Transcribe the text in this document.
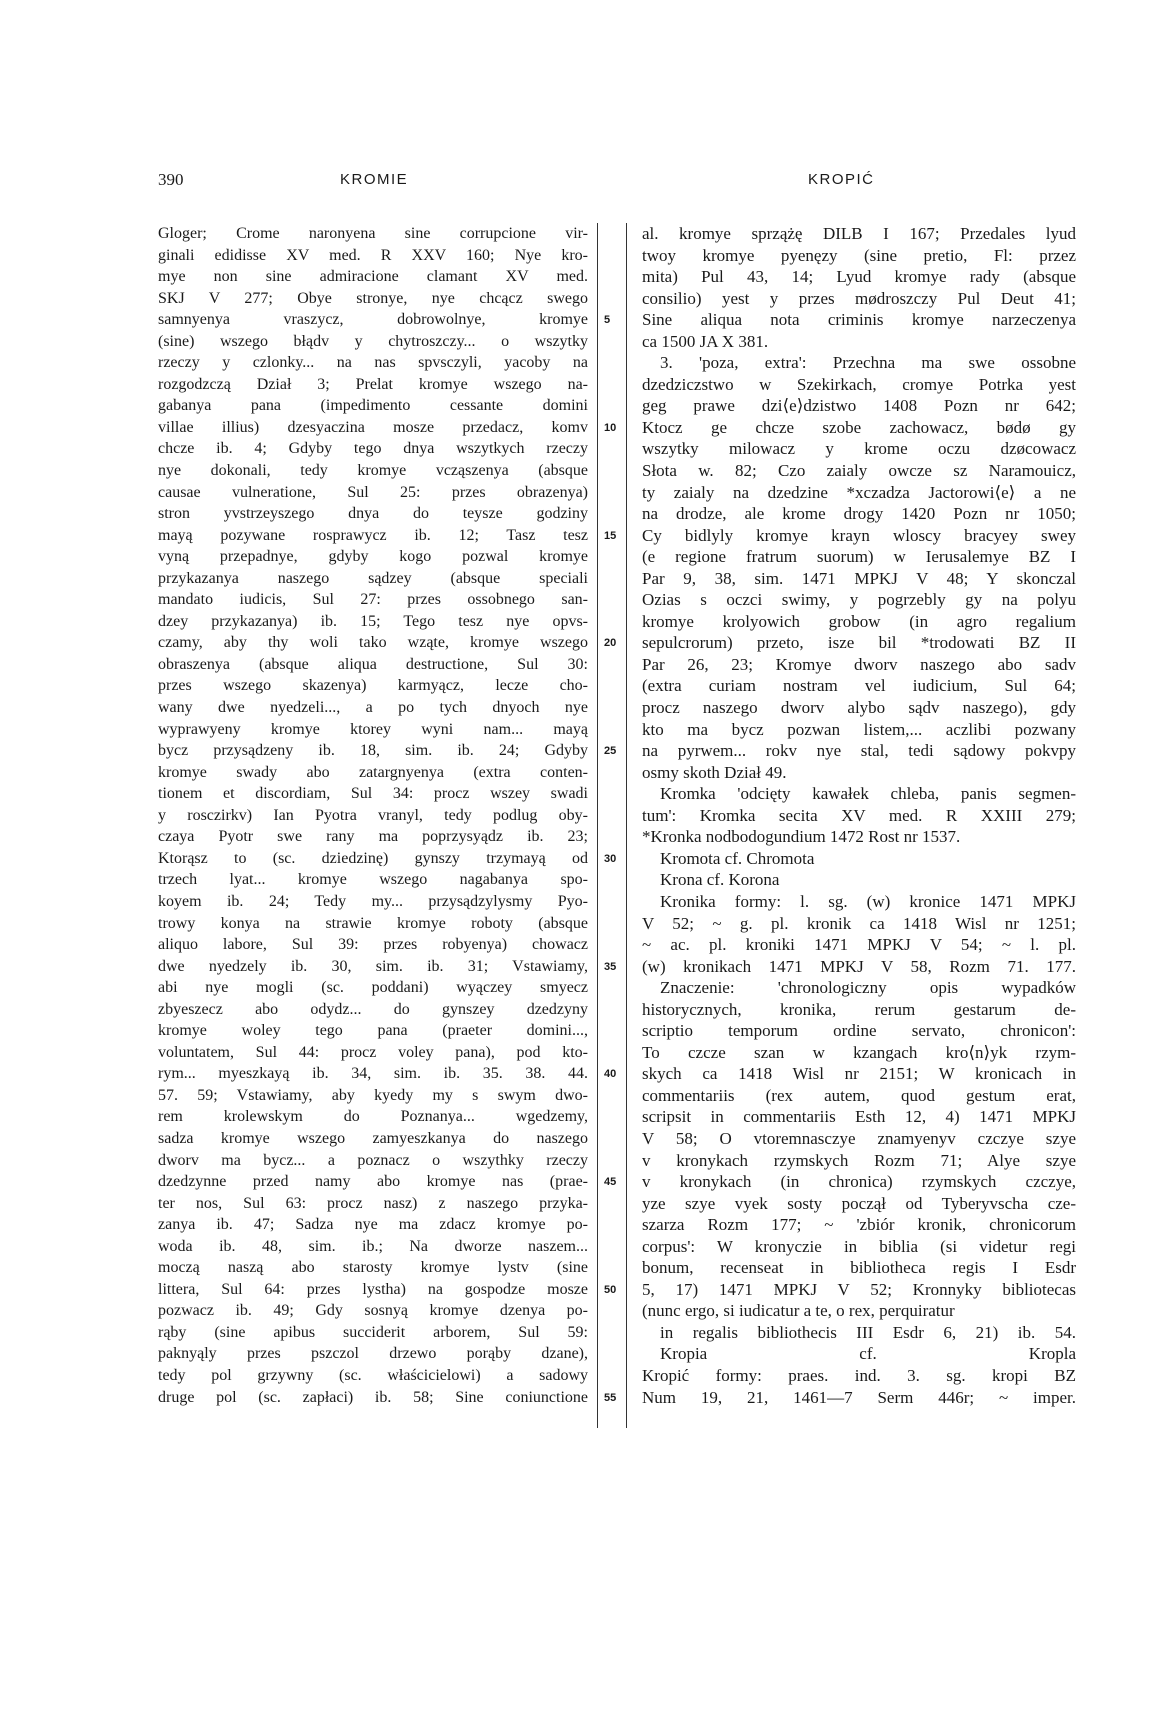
390	KROMIE	KROPIĆ
Gloger; Crome naronyena sine corrupcione vir-
ginali edidisse XV med. R XXV 160; Nye kro-
mye non sine admiracione clamant XV med.
SKJ V 277; Obye stronye, nye chcącz swego
samnyenya vraszycz, dobrowolnye, kromye
(sine) wszego błądv y chytroszczy... o wszytky
rzeczy y czlonky... na nas spvsczyli, yacoby na
rozgodzczą Dział 3; Prelat kromye wszego na-
gabanya pana (impedimento cessante domini
villae illius) dzesyaczina mosze przedacz, komv
chcze ib. 4; Gdyby tego dnya wszytkych rzeczy
nye dokonali, tedy kromye vcząszenya (absque
causae vulneratione, Sul 25: przes obrazenya)
stron yvstrzeyszego dnya do teysze godziny
mayą pozywane rosprawycz ib. 12; Tasz tesz
vyną przepadnye, gdyby kogo pozwal kromye
przykazanya naszego sądzey (absque speciali
mandato iudicis, Sul 27: przes ossobnego san-
dzey przykazanya) ib. 15; Tego tesz nye opvs-
czamy, aby thy woli tako wząte, kromye wszego
obraszenya (absque aliqua destructione, Sul 30:
przes wszego skazenya) karmyącz, lecze cho-
wany dwe nyedzeli..., a po tych dnyoch nye
wyprawyeny kromye ktorey wyni nam... mayą
bycz przysądzeny ib. 18, sim. ib. 24; Gdyby
kromye swady abo zatargnyenya (extra conten-
tionem et discordiam, Sul 34: procz wszey swadi
y rosczirkv) Ian Pyotra vranyl, tedy podlug oby-
czaya Pyotr swe rany ma poprzysyądz ib. 23;
Ktorąsz to (sc. dziedzinę) gynszy trzymayą od
trzech lyat... kromye wszego nagabanya spo-
koyem ib. 24; Tedy my... przysądzylysmy Pyo-
trowy konya na strawie kromye roboty (absque
aliquo labore, Sul 39: przes robyenya) chowacz
dwe nyedzely ib. 30, sim. ib. 31; Vstawiamy,
abi nye mogli (sc. poddani) wyączey smyecz
zbyeszecz abo odydz... do gynszey dzedzyny
kromye woley tego pana (praeter domini...,
voluntatem, Sul 44: procz voley pana), pod kto-
rym... myeszkayą ib. 34, sim. ib. 35. 38. 44.
57. 59; Vstawiamy, aby kyedy my s swym dwo-
rem krolewskym do Poznanya... wgedzemy,
sadza kromye wszego zamyeszkanya do naszego
dworv ma bycz... a poznacz o wszythky rzeczy
dzedzynne przed namy abo kromye nas (prae-
ter nos, Sul 63: procz nasz) z naszego przyka-
zanya ib. 47; Sadza nye ma zdacz kromye po-
woda ib. 48, sim. ib.; Na dworze naszem...
moczą naszą abo starosty kromye lystv (sine
littera, Sul 64: przes lystha) na gospodze mosze
pozwacz ib. 49; Gdy sosnyą kromye dzenya po-
rąby (sine apibus succiderit arborem, Sul 59:
paknyąly przes pszczol drzewo porąby dzane),
tedy pol grzywny (sc. właścicielowi) a sadowy
druge pol (sc. zapłaci) ib. 58; Sine coniunctione
5
10
15
20
25
30
35
40
45
50
55
al. kromye sprzążę DILB I 167; Przedales lyud
twoy kromye pyenęzy (sine pretio, Fl: przez
mita) Pul 43, 14; Lyud kromye rady (absque
consilio) yest y przes mødroszczy Pul Deut 41;
Sine aliqua nota criminis kromye narzeczenya
ca 1500 JA X 381.
3. 'poza, extra': Przechna ma swe ossobne
dzedziczstwo w Szekirkach, cromye Potrka yest
geg prawe dzi⟨e⟩dzistwo 1408 Pozn nr 642;
Ktocz ge chcze szobe zachowacz, bødø gy
wszytky milowacz y krome oczu dzøcowacz
Słota w. 82; Czo zaialy owcze sz Naramouicz,
ty zaialy na dzedzine *xczadza Jactorowi⟨e⟩ a ne
na drodze, ale krome drogy 1420 Pozn nr 1050;
Cy bidlyly kromye krayn wloscy bracyey swey
(e regione fratrum suorum) w Ierusalemye BZ I
Par 9, 38, sim. 1471 MPKJ V 48; Y skonczal
Ozias s oczci swimy, y pogrzebly gy na polyu
kromye krolyowich grobow (in agro regalium
sepulcrorum) przeto, isze bil *trodowati BZ II
Par 26, 23; Kromye dworv naszego abo sadv
(extra curiam nostram vel iudicium, Sul 64;
procz naszego dworv alybo sądv naszego), gdy
kto ma bycz pozwan listem,... aczlibi pozwany
na pyrwem... rokv nye stal, tedi sądowy pokvpy
osmy skoth Dział 49.
Kromka 'odcięty kawałek chleba, panis segmen-
tum': Kromka secita XV med. R XXIII 279;
*Kronka nodbodogundium 1472 Rost nr 1537.
Kromota cf. Chromota
Krona cf. Korona
Kronika formy: l. sg. (w) kronice 1471 MPKJ
V 52; ~ g. pl. kronik ca 1418 Wisl nr 1251;
~ ac. pl. kroniki 1471 MPKJ V 54; ~ l. pl.
(w) kronikach 1471 MPKJ V 58, Rozm 71. 177.
Znaczenie: 'chronologiczny opis wypadków
historycznych, kronika, rerum gestarum de-
scriptio temporum ordine servato, chronicon':
To czcze szan w kzangach kro⟨n⟩yk rzym-
skych ca 1418 Wisl nr 2151; W kronicach in
commentariis (rex autem, quod gestum erat,
scripsit in commentariis Esth 12, 4) 1471 MPKJ
V 58; O vtoremnasczye znamyenyv czczye szye
v kronykach rzymskych Rozm 71; Alye szye
v kronykach (in chronica) rzymskych czczye,
yze szye vyek sosty począł od Tyberyvscha cze-
szarza Rozm 177; ~ 'zbiór kronik, chronicorum
corpus': W kronyczie in biblia (si videtur regi
bonum, recenseat in bibliotheca regis I Esdr
5, 17) 1471 MPKJ V 52; Kronnyky bibliotecas
(nunc ergo, si iudicatur a te, o rex, perquiratur
in regalis bibliothecis III Esdr 6, 21) ib. 54.
Kropia cf. Kropla
Kropić formy: praes. ind. 3. sg. kropi BZ
Num 19, 21, 1461—7 Serm 446r; ~ imper.
